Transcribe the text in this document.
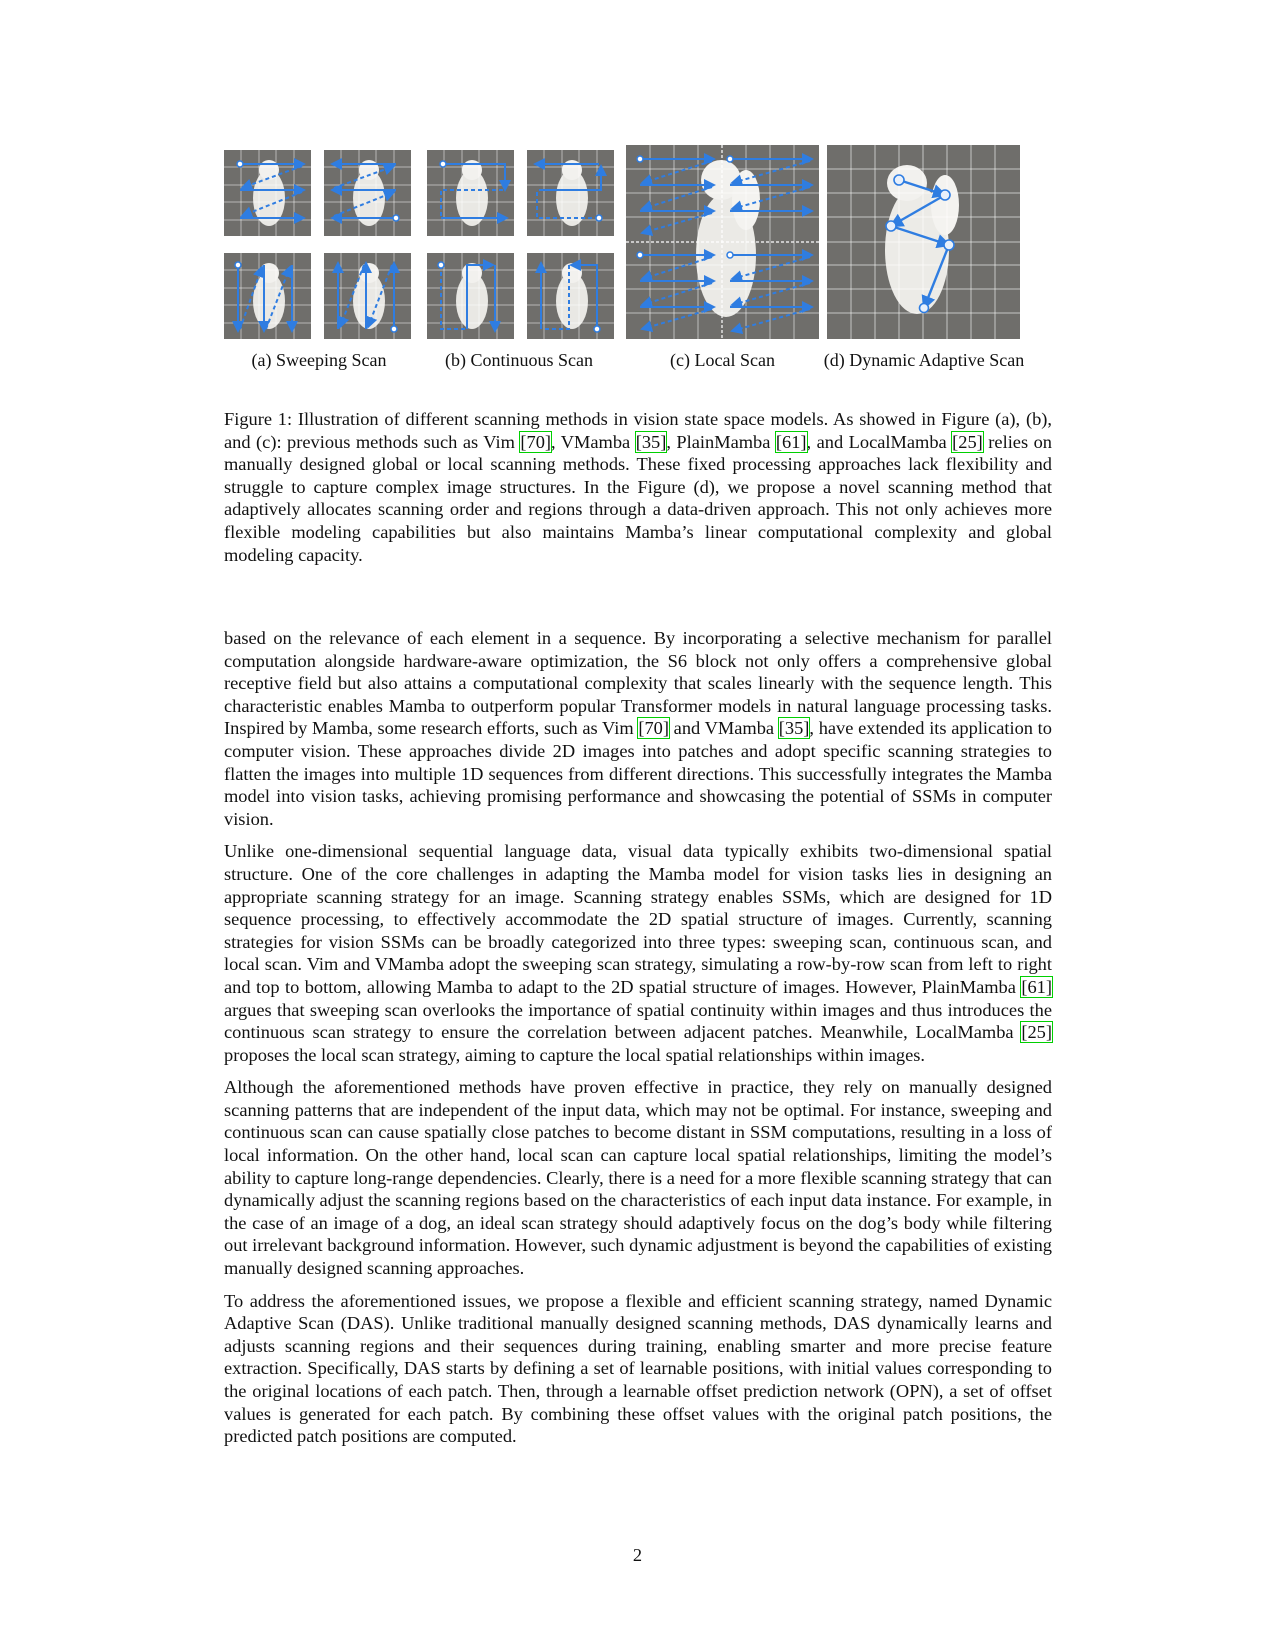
(a) Sweeping Scan	(b) Continuous Scan	(c) Local Scan	(d) Dynamic Adaptive Scan
Figure 1: Illustration of different scanning methods in vision state space models. As showed in Figure (a), (b), and (c): previous methods such as Vim [70], VMamba [35], PlainMamba [61], and LocalMamba [25] relies on manually designed global or local scanning methods. These fixed processing approaches lack flexibility and struggle to capture complex image structures. In the Figure (d), we propose a novel scanning method that adaptively allocates scanning order and regions through a data-driven approach. This not only achieves more flexible modeling capabilities but also maintains Mamba’s linear computational complexity and global modeling capacity.

based on the relevance of each element in a sequence. By incorporating a selective mechanism for parallel computation alongside hardware-aware optimization, the S6 block not only offers a comprehensive global receptive field but also attains a computational complexity that scales linearly with the sequence length. This characteristic enables Mamba to outperform popular Transformer models in natural language processing tasks. Inspired by Mamba, some research efforts, such as Vim [70] and VMamba [35], have extended its application to computer vision. These approaches divide 2D images into patches and adopt specific scanning strategies to flatten the images into multiple 1D sequences from different directions. This successfully integrates the Mamba model into vision tasks, achieving promising performance and showcasing the potential of SSMs in computer vision.

Unlike one-dimensional sequential language data, visual data typically exhibits two-dimensional spatial structure. One of the core challenges in adapting the Mamba model for vision tasks lies in designing an appropriate scanning strategy for an image. Scanning strategy enables SSMs, which are designed for 1D sequence processing, to effectively accommodate the 2D spatial structure of images. Currently, scanning strategies for vision SSMs can be broadly categorized into three types: sweeping scan, continuous scan, and local scan. Vim and VMamba adopt the sweeping scan strategy, simulating a row-by-row scan from left to right and top to bottom, allowing Mamba to adapt to the 2D spatial structure of images. However, PlainMamba [61] argues that sweeping scan overlooks the importance of spatial continuity within images and thus introduces the continuous scan strategy to ensure the correlation between adjacent patches. Meanwhile, LocalMamba [25] proposes the local scan strategy, aiming to capture the local spatial relationships within images.

Although the aforementioned methods have proven effective in practice, they rely on manually designed scanning patterns that are independent of the input data, which may not be optimal. For instance, sweeping and continuous scan can cause spatially close patches to become distant in SSM computations, resulting in a loss of local information. On the other hand, local scan can capture local spatial relationships, limiting the model’s ability to capture long-range dependencies. Clearly, there is a need for a more flexible scanning strategy that can dynamically adjust the scanning regions based on the characteristics of each input data instance. For example, in the case of an image of a dog, an ideal scan strategy should adaptively focus on the dog’s body while filtering out irrelevant background information. However, such dynamic adjustment is beyond the capabilities of existing manually designed scanning approaches.

To address the aforementioned issues, we propose a flexible and efficient scanning strategy, named Dynamic Adaptive Scan (DAS). Unlike traditional manually designed scanning methods, DAS dynamically learns and adjusts scanning regions and their sequences during training, enabling smarter and more precise feature extraction. Specifically, DAS starts by defining a set of learnable positions, with initial values corresponding to the original locations of each patch. Then, through a learnable offset prediction network (OPN), a set of offset values is generated for each patch. By combining these offset values with the original patch positions, the predicted patch positions are computed.

2
